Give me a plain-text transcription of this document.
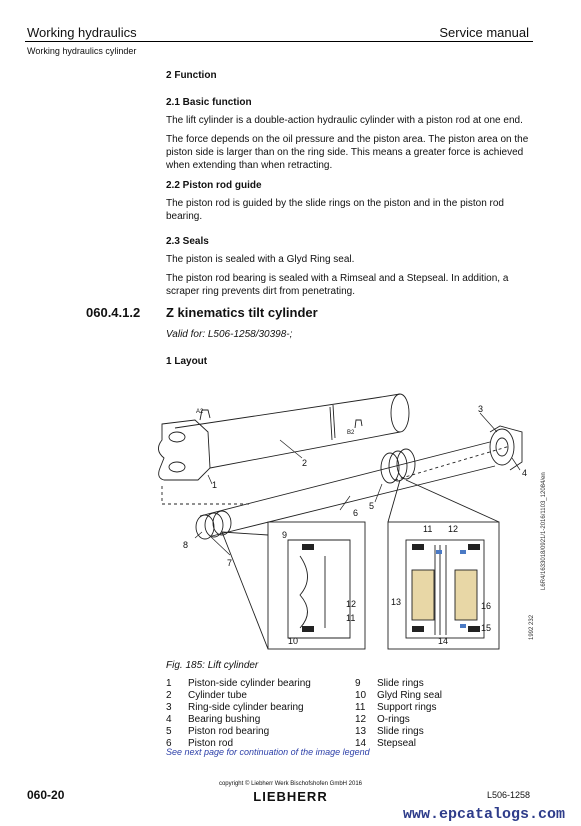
Working hydraulics	Service manual
Working hydraulics cylinder
2 Function
2.1 Basic function

The lift cylinder is a double-action hydraulic cylinder with a piston rod at one end.

The force depends on the oil pressure and the piston area. The piston area on the piston side is larger than on the ring side. This means a greater force is achieved when extending than when retracting.

2.2 Piston rod guide

The piston rod is guided by the slide rings on the piston and in the piston rod bearing.

2.3 Seals

The piston is sealed with a Glyd Ring seal.

The piston rod bearing is sealed with a Rimseal and a Stepseal. In addition, a scraper ring prevents dirt from penetrating.

060.4.1.2 Z kinematics tilt cylinder
Valid for: L506-1258/30398-;
1 Layout
A2
B2
1
2
3
4
5
6
7
8
9
10
11
12	13
14
15
16
11
12	L6R4/1633018/0921/1-2016/1103_12084/en
1992 232
Fig. 185: Lift cylinder
1	Piston-side cylinder bearing	9	Slide rings
2	Cylinder tube	10	Glyd Ring seal
3	Ring-side cylinder bearing	11	Support rings
4	Bearing bushing	12	O-rings
5	Piston rod bearing	13	Slide rings
6	Piston rod	14	Stepseal
See next page for continuation of the image legend
copyright © Liebherr Werk Bischofshofen GmbH 2016
LIEBHERR
060-20	L506-1258
www.epcatalogs.com
